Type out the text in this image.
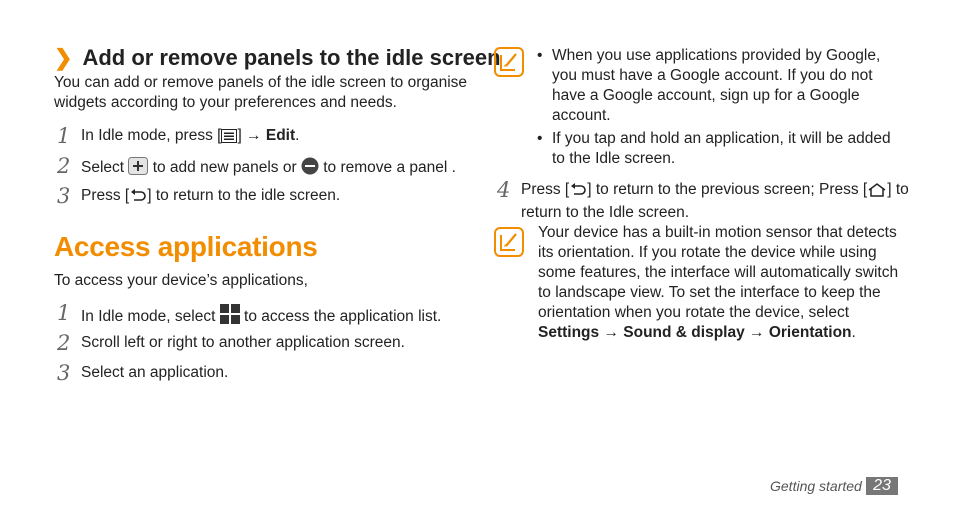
❯ Add or remove panels to the idle screen
You can add or remove panels of the idle screen to organise widgets according to your preferences and needs.
1 In Idle mode, press [ ] → Edit.
2 Select  to add new panels or  to remove a panel .
3 Press [ ] to return to the idle screen.
Access applications
To access your device’s applications,
1 In Idle mode, select  to access the application list.
2 Scroll left or right to another application screen.
3 Select an application.
• When you use applications provided by Google, you must have a Google account. If you do not have a Google account, sign up for a Google account.
• If you tap and hold an application, it will be added to the Idle screen.
4 Press [ ] to return to the previous screen; Press [ ] to return to the Idle screen.
Your device has a built-in motion sensor that detects its orientation. If you rotate the device while using some features, the interface will automatically switch to landscape view. To set the interface to keep the orientation when you rotate the device, select Settings → Sound & display → Orientation.
Getting started 23
